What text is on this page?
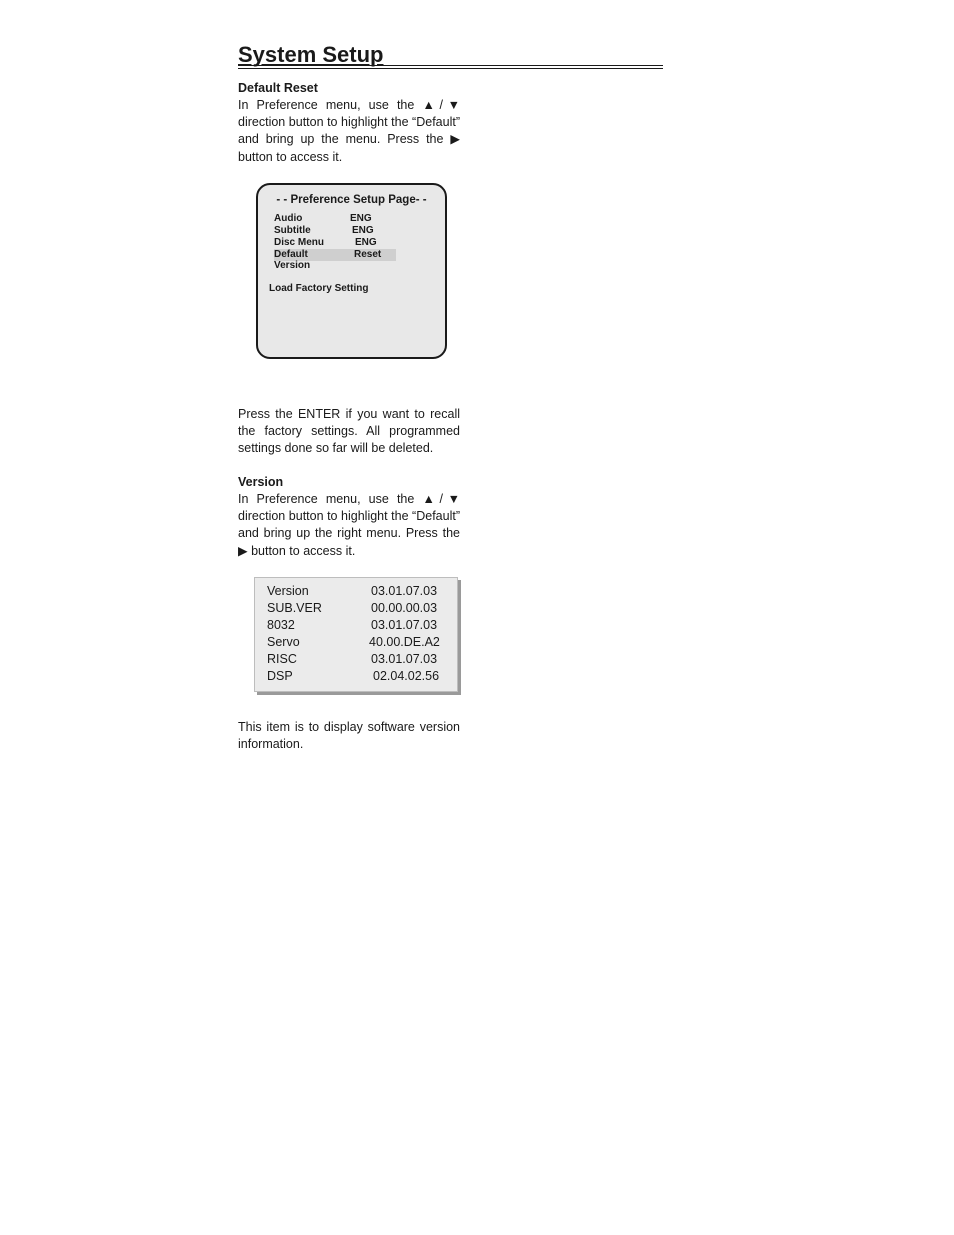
System Setup
Default Reset

In Preference menu, use the ▲/▼ direction button to highlight the “Default” and bring up the menu. Press the ▶ button to access it.

- - Preference Setup Page- -
Audio	ENG
Subtitle	ENG
Disc Menu	ENG
Default	Reset
Version
Load Factory Setting

Press the ENTER if you want to recall the factory settings. All programmed settings done so far will be deleted.

Version

In Preference menu, use the ▲/▼ direction button to highlight the “Default” and bring up the right menu. Press the ▶ button to access it.

Version	03.01.07.03
SUB.VER	00.00.00.03
8032	03.01.07.03
Servo	40.00.DE.A2
RISC	03.01.07.03
DSP	02.04.02.56

This item is to display software version information.
